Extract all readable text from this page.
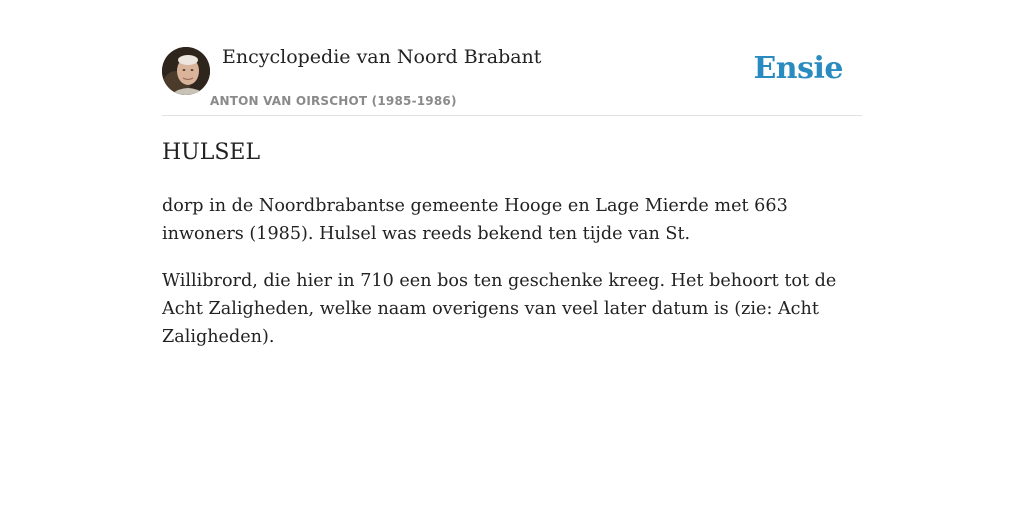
Encyclopedie van Noord Brabant
ANTON VAN OIRSCHOT (1985-1986)
Ensie
HULSEL

dorp in de Noordbrabantse gemeente Hooge en Lage Mierde met 663 inwoners (1985). Hulsel was reeds bekend ten tijde van St.

Willibrord, die hier in 710 een bos ten geschenke kreeg. Het behoort tot de Acht Zaligheden, welke naam overigens van veel later datum is (zie: Acht Zaligheden).
